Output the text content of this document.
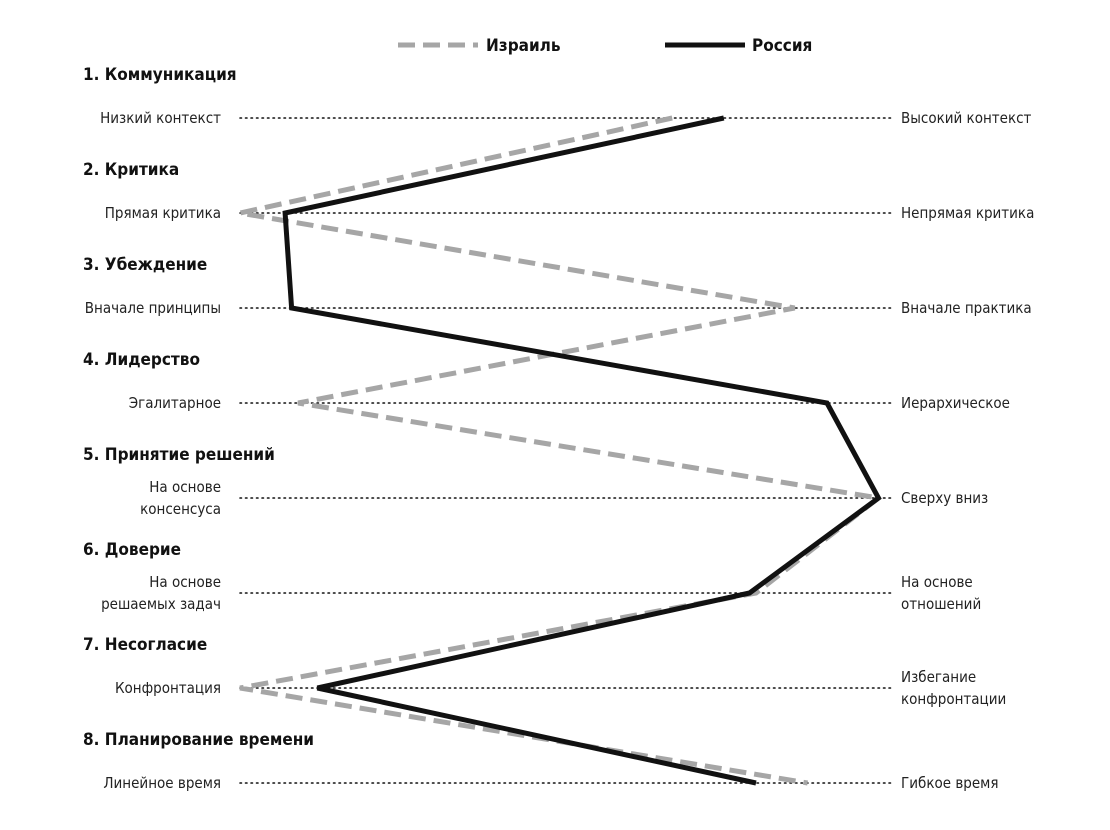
Израиль	Россия
1. Коммуникация
Низкий контекст	Высокий контекст
2. Критика
Прямая критика	Непрямая критика
3. Убеждение
Вначале принципы	Вначале практика
4. Лидерство
Эгалитарное	Иерархическое
5. Принятие решений
На основе
консенсуса
Сверху вниз
6. Доверие
На основе
решаемых задач
На основе
отношений
7. Несогласие
Конфронтация
Избегание
конфронтации
8. Планирование времени
Линейное время	Гибкое время
